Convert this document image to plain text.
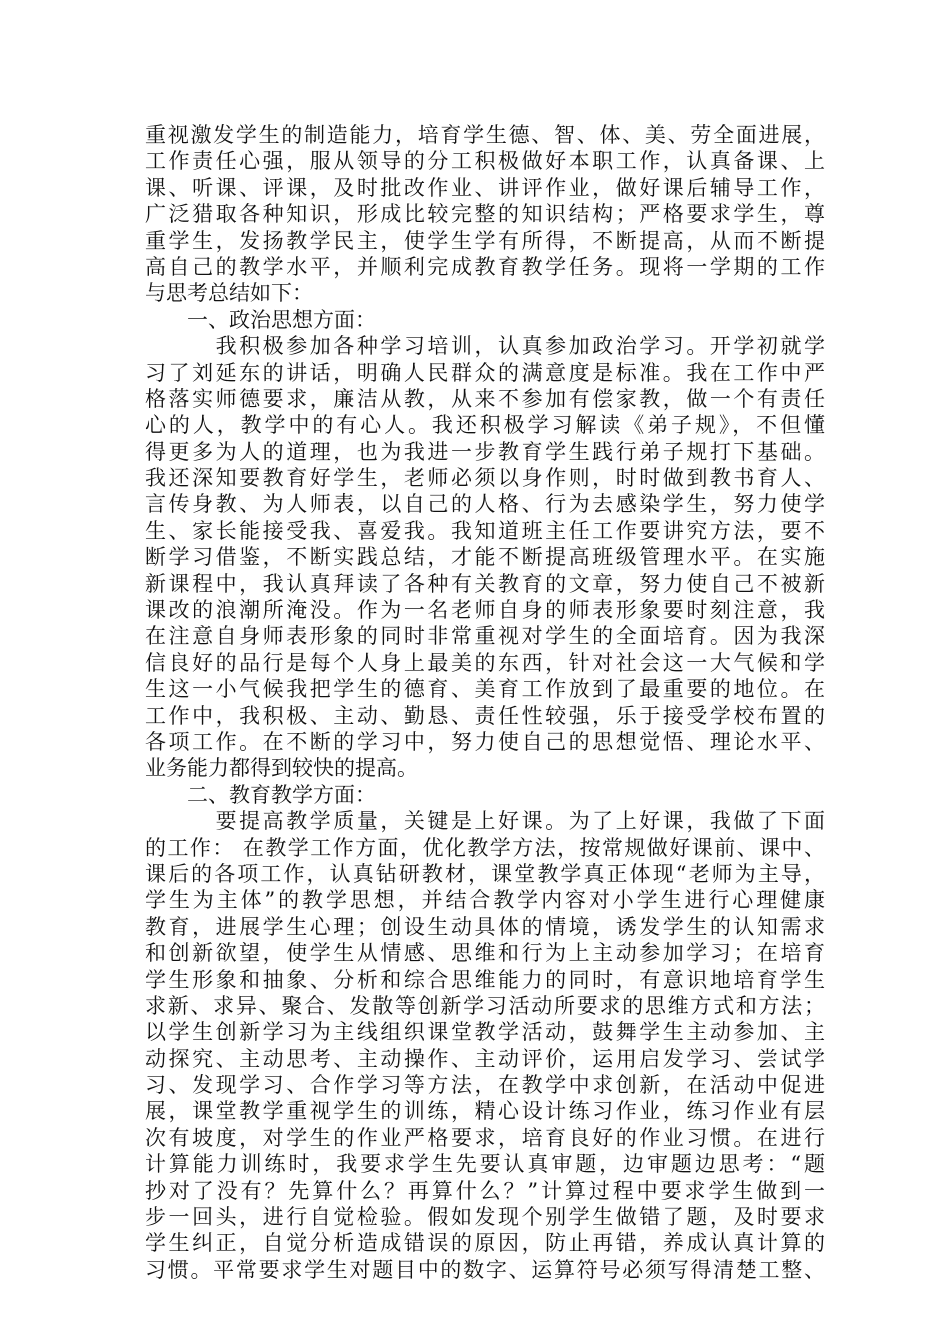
重视激发学生的制造能力，培育学生德、智、体、美、劳全面进展，
工作责任心强，服从领导的分工积极做好本职工作，认真备课、上
课、听课、评课，及时批改作业、讲评作业，做好课后辅导工作，
广泛猎取各种知识，形成比较完整的知识结构；严格要求学生，尊
重学生，发扬教学民主，使学生学有所得，不断提高，从而不断提
高自己的教学水平，并顺利完成教育教学任务。现将一学期的工作
与思考总结如下：
　　一、政治思想方面：
　　　我积极参加各种学习培训，认真参加政治学习。开学初就学
习了刘延东的讲话，明确人民群众的满意度是标准。我在工作中严
格落实师德要求，廉洁从教，从来不参加有偿家教，做一个有责任
心的人，教学中的有心人。我还积极学习解读《弟子规》，不但懂
得更多为人的道理，也为我进一步教育学生践行弟子规打下基础。
我还深知要教育好学生，老师必须以身作则，时时做到教书育人、
言传身教、为人师表，以自己的人格、行为去感染学生，努力使学
生、家长能接受我、喜爱我。我知道班主任工作要讲究方法，要不
断学习借鉴，不断实践总结，才能不断提高班级管理水平。在实施
新课程中，我认真拜读了各种有关教育的文章，努力使自己不被新
课改的浪潮所淹没。作为一名老师自身的师表形象要时刻注意，我
在注意自身师表形象的同时非常重视对学生的全面培育。因为我深
信良好的品行是每个人身上最美的东西，针对社会这一大气候和学
生这一小气候我把学生的德育、美育工作放到了最重要的地位。在
工作中，我积极、主动、勤恳、责任性较强，乐于接受学校布置的
各项工作。在不断的学习中，努力使自己的思想觉悟、理论水平、
业务能力都得到较快的提高。
　　二、教育教学方面：
　　　要提高教学质量，关键是上好课。为了上好课，我做了下面
的工作： 在教学工作方面，优化教学方法，按常规做好课前、课中、
课后的各项工作，认真钻研教材，课堂教学真正体现“老师为主导，
学生为主体”的教学思想，并结合教学内容对小学生进行心理健康
教育，进展学生心理；创设生动具体的情境，诱发学生的认知需求
和创新欲望，使学生从情感、思维和行为上主动参加学习；在培育
学生形象和抽象、分析和综合思维能力的同时，有意识地培育学生
求新、求异、聚合、发散等创新学习活动所要求的思维方式和方法；
以学生创新学习为主线组织课堂教学活动，鼓舞学生主动参加、主
动探究、主动思考、主动操作、主动评价，运用启发学习、尝试学
习、发现学习、合作学习等方法，在教学中求创新，在活动中促进
展，课堂教学重视学生的训练，精心设计练习作业，练习作业有层
次有坡度，对学生的作业严格要求，培育良好的作业习惯。在进行
计算能力训练时，我要求学生先要认真审题，边审题边思考：“题
抄对了没有？先算什么？再算什么？”计算过程中要求学生做到一
步一回头，进行自觉检验。假如发现个别学生做错了题，及时要求
学生纠正，自觉分析造成错误的原因，防止再错，养成认真计算的
习惯。平常要求学生对题目中的数字、运算符号必须写得清楚工整、
